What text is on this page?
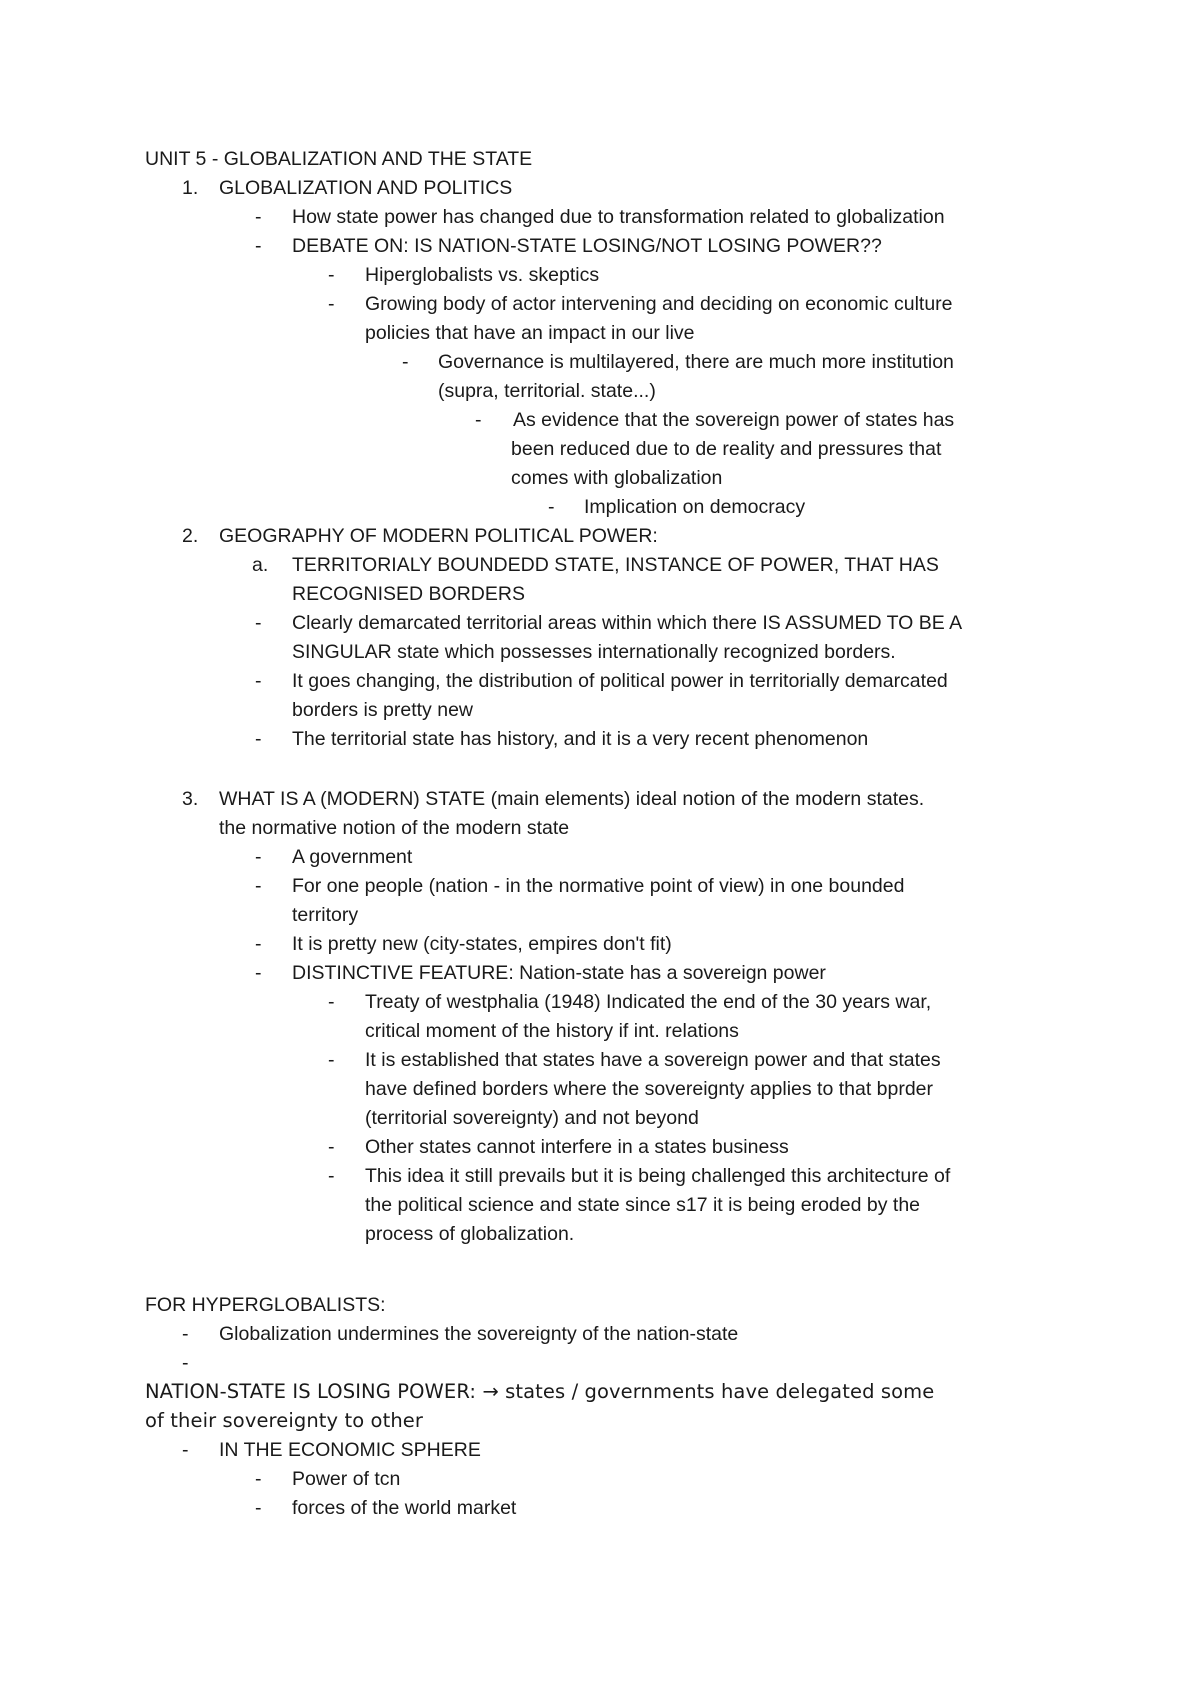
UNIT 5 - GLOBALIZATION AND THE STATE
1. GLOBALIZATION AND POLITICS
- How state power has changed due to transformation related to globalization
- DEBATE ON: IS NATION-STATE LOSING/NOT LOSING POWER??
- Hiperglobalists vs. skeptics
- Growing body of actor intervening and deciding on economic culture
policies that have an impact in our live
- Governance is multilayered, there are much more institution
(supra, territorial. state...)
- As evidence that the sovereign power of states has
been reduced due to de reality and pressures that
comes with globalization
- Implication on democracy
2. GEOGRAPHY OF MODERN POLITICAL POWER:
a. TERRITORIALY BOUNDEDD STATE, INSTANCE OF POWER, THAT HAS
RECOGNISED BORDERS
- Clearly demarcated territorial areas within which there IS ASSUMED TO BE A
SINGULAR state which possesses internationally recognized borders.
- It goes changing, the distribution of political power in territorially demarcated
borders is pretty new
- The territorial state has history, and it is a very recent phenomenon
3. WHAT IS A (MODERN) STATE (main elements) ideal notion of the modern states.
the normative notion of the modern state
- A government
- For one people (nation - in the normative point of view) in one bounded
territory
- It is pretty new (city-states, empires don't fit)
- DISTINCTIVE FEATURE: Nation-state has a sovereign power
- Treaty of westphalia (1948) Indicated the end of the 30 years war,
critical moment of the history if int. relations
- It is established that states have a sovereign power and that states
have defined borders where the sovereignty applies to that bprder
(territorial sovereignty) and not beyond
- Other states cannot interfere in a states business
- This idea it still prevails but it is being challenged this architecture of
the political science and state since s17 it is being eroded by the
process of globalization.
FOR HYPERGLOBALISTS:
- Globalization undermines the sovereignty of the nation-state
-
NATION-STATE IS LOSING POWER: → states / governments have delegated some
of their sovereignty to other
- IN THE ECONOMIC SPHERE
- Power of tcn
- forces of the world market
